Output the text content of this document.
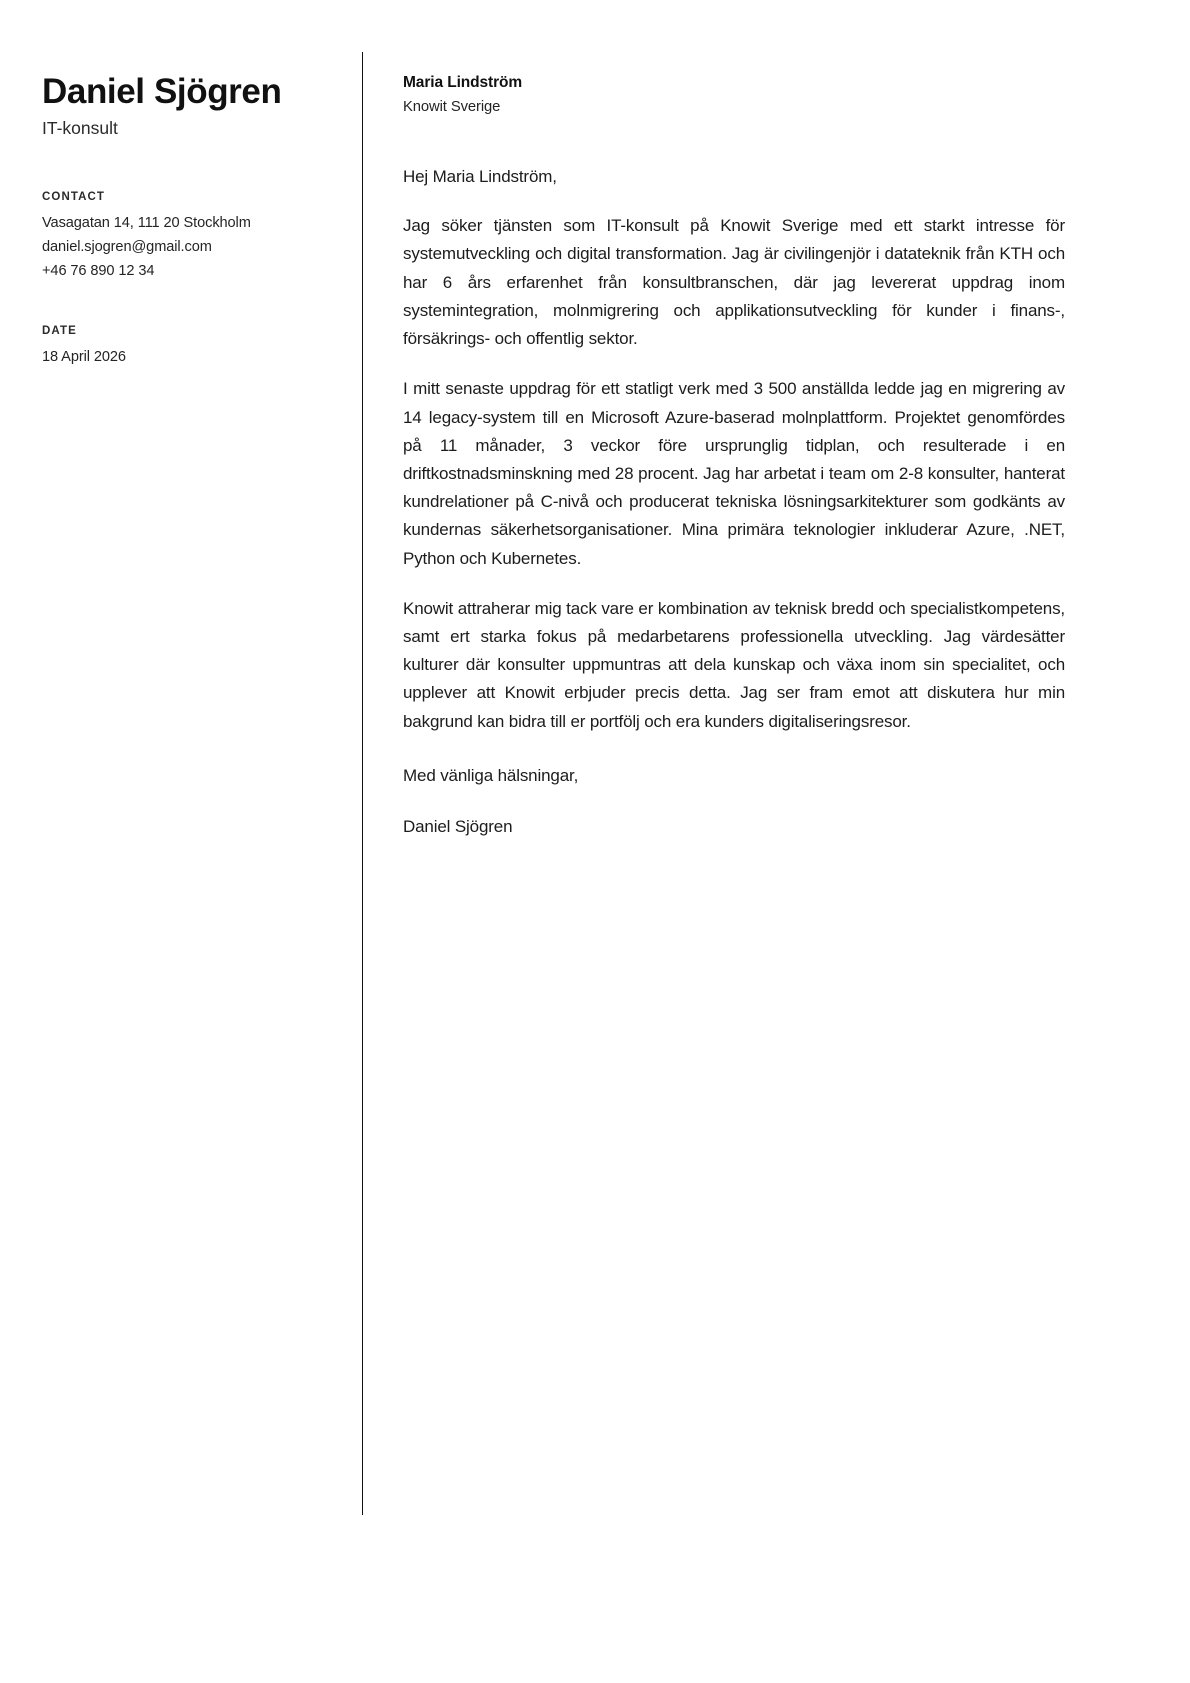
Daniel Sjögren
IT-konsult
CONTACT
Vasagatan 14, 111 20 Stockholm
daniel.sjogren@gmail.com
+46 76 890 12 34
DATE
18 April 2026
Maria Lindström
Knowit Sverige

Hej Maria Lindström,

Jag söker tjänsten som IT-konsult på Knowit Sverige med ett starkt intresse för systemutveckling och digital transformation. Jag är civilingenjör i datateknik från KTH och har 6 års erfarenhet från konsultbranschen, där jag levererat uppdrag inom systemintegration, molnmigrering och applikationsutveckling för kunder i finans-, försäkrings- och offentlig sektor.

I mitt senaste uppdrag för ett statligt verk med 3 500 anställda ledde jag en migrering av 14 legacy-system till en Microsoft Azure-baserad molnplattform. Projektet genomfördes på 11 månader, 3 veckor före ursprunglig tidplan, och resulterade i en driftkostnadsminskning med 28 procent. Jag har arbetat i team om 2-8 konsulter, hanterat kundrelationer på C-nivå och producerat tekniska lösningsarkitekturer som godkänts av kundernas säkerhetsorganisationer. Mina primära teknologier inkluderar Azure, .NET, Python och Kubernetes.

Knowit attraherar mig tack vare er kombination av teknisk bredd och specialistkompetens, samt ert starka fokus på medarbetarens professionella utveckling. Jag värdesätter kulturer där konsulter uppmuntras att dela kunskap och växa inom sin specialitet, och upplever att Knowit erbjuder precis detta. Jag ser fram emot att diskutera hur min bakgrund kan bidra till er portfölj och era kunders digitaliseringsresor.

Med vänliga hälsningar,

Daniel Sjögren
